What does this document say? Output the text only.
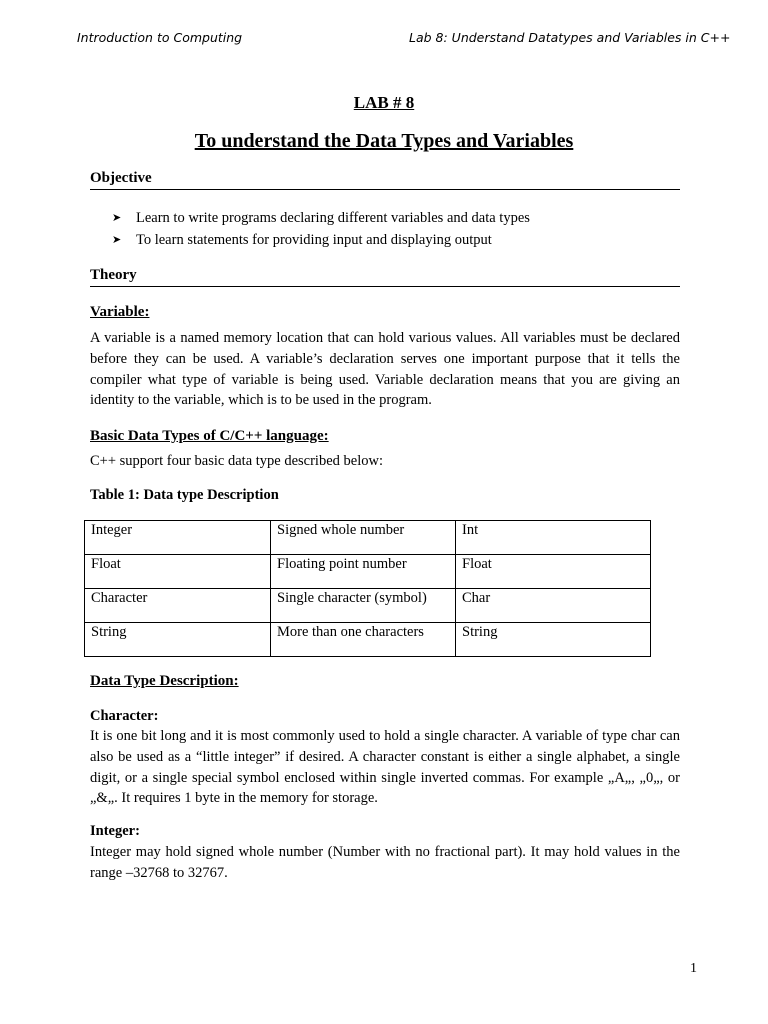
Introduction to Computing	Lab 8: Understand Datatypes and Variables in C++
LAB # 8
To understand the Data Types and Variables
Objective
➤ Learn to write programs declaring different variables and data types
➤ To learn statements for providing input and displaying output
Theory
Variable:
A variable is a named memory location that can hold various values. All variables must be declared before they can be used. A variable’s declaration serves one important purpose that it tells the compiler what type of variable is being used. Variable declaration means that you are giving an identity to the variable, which is to be used in the program.
Basic Data Types of C/C++ language:
C++ support four basic data type described below:
Table 1: Data type Description
Integer	Signed whole number	Int
Float	Floating point number	Float
Character	Single character (symbol)	Char
String	More than one characters	String
Data Type Description:
Character:
It is one bit long and it is most commonly used to hold a single character. A variable of type char can also be used as a “little integer” if desired. A character constant is either a single alphabet, a single digit, or a single special symbol enclosed within single inverted commas. For example „A„, „0„, or „&„. It requires 1 byte in the memory for storage.
Integer:
Integer may hold signed whole number (Number with no fractional part). It may hold values in the range –32768 to 32767.
1
